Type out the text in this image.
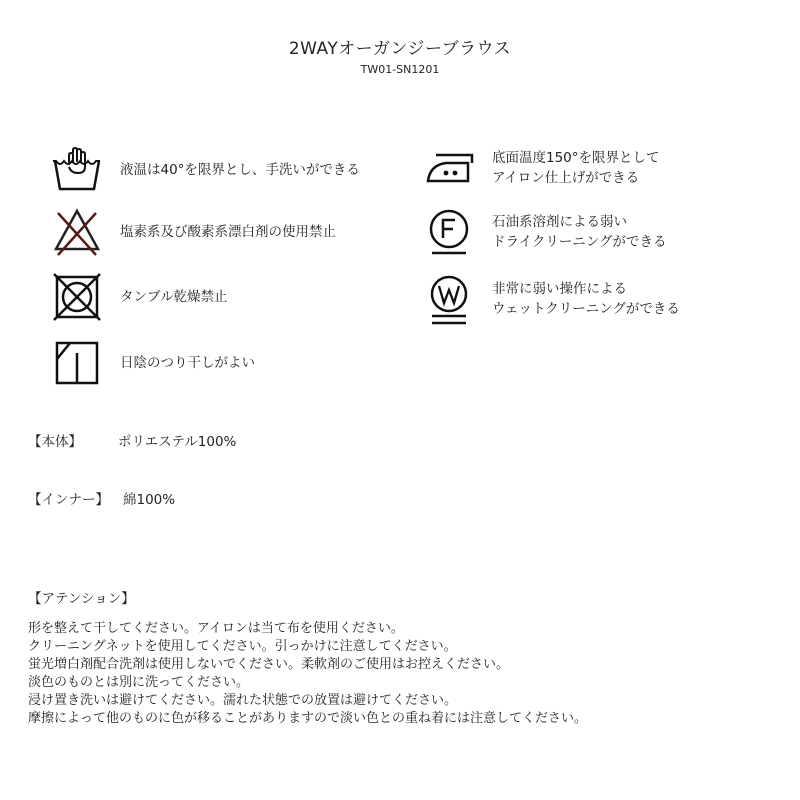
2WAYオーガンジーブラウス
TW01-SN1201
液温は40°を限界とし、手洗いができる
塩素系及び酸素系漂白剤の使用禁止
タンブル乾燥禁止
日陰のつり干しがよい
底面温度150°を限界として
アイロン仕上げができる
石油系溶剤による弱い
ドライクリーニングができる
非常に弱い操作による
ウェットクリーニングができる
【本体】	ポリエステル100%
【インナー】 綿100%
【アテンション】
形を整えて干してください。アイロンは当て布を使用ください。
クリーニングネットを使用してください。引っかけに注意してください。
蛍光増白剤配合洗剤は使用しないでください。柔軟剤のご使用はお控えください。
淡色のものとは別に洗ってください。
浸け置き洗いは避けてください。濡れた状態での放置は避けてください。
摩擦によって他のものに色が移ることがありますので淡い色との重ね着には注意してください。
